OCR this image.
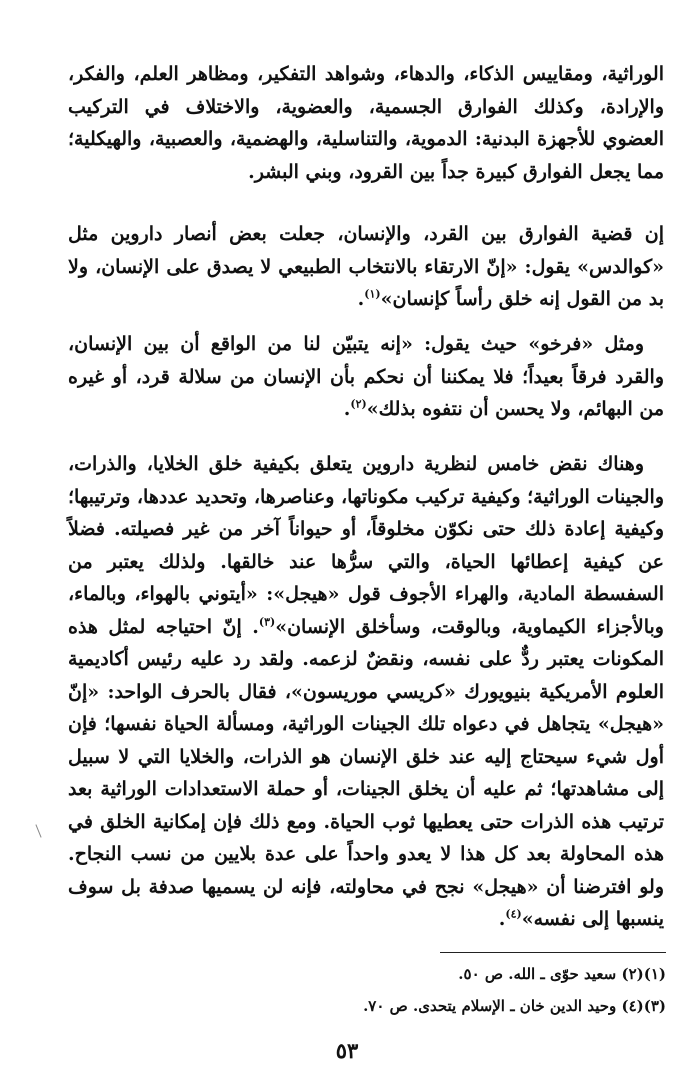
الوراثية، ومقاييس الذكاء، والدهاء، وشواهد التفكير، ومظاهر العلم، والفكر، والإرادة، وكذلك الفوارق الجسمية، والعضوية، والاختلاف في التركيب العضوي للأجهزة البدنية: الدموية، والتناسلية، والهضمية، والعصبية، والهيكلية؛ مما يجعل الفوارق كبيرة جداً بين القرود، وبني البشر.

إن قضية الفوارق بين القرد، والإنسان، جعلت بعض أنصار داروين مثل «كوالدس» يقول: «إنّ الارتقاء بالانتخاب الطبيعي لا يصدق على الإنسان، ولا بد من القول إنه خلق رأساً كإنسان»$^{(١)}$.

ومثل «فرخو» حيث يقول: «إنه يتبيّن لنا من الواقع أن بين الإنسان، والقرد فرقاً بعيداً؛ فلا يمكننا أن نحكم بأن الإنسان من سلالة قرد، أو غيره من البهائم، ولا يحسن أن نتفوه بذلك»$^{(٢)}$.

وهناك نقض خامس لنظرية داروين يتعلق بكيفية خلق الخلايا، والذرات، والجينات الوراثية؛ وكيفية تركيب مكوناتها، وعناصرها، وتحديد عددها، وترتيبها؛ وكيفية إعادة ذلك حتى نكوّن مخلوقاً، أو حيواناً آخر من غير فصيلته. فضلاً عن كيفية إعطائها الحياة، والتي سرُّها عند خالقها. ولذلك يعتبر من السفسطة المادية، والهراء الأجوف قول «هيجل»: «أيتوني بالهواء، وبالماء، وبالأجزاء الكيماوية، وبالوقت، وسأخلق الإنسان»$^{(٣)}$. إنّ احتياجه لمثل هذه المكونات يعتبر ردٌّ على نفسه، ونقضٌ لزعمه. ولقد رد عليه رئيس أكاديمية العلوم الأمريكية بنيويورك «كريسي موريسون»، فقال بالحرف الواحد: «إنّ «هيجل» يتجاهل في دعواه تلك الجينات الوراثية، ومسألة الحياة نفسها؛ فإن أول شيء سيحتاج إليه عند خلق الإنسان هو الذرات، والخلايا التي لا سبيل إلى مشاهدتها؛ ثم عليه أن يخلق الجينات، أو حملة الاستعدادات الوراثية بعد ترتيب هذه الذرات حتى يعطيها ثوب الحياة. ومع ذلك فإن إمكانية الخلق في هذه المحاولة بعد كل هذا لا يعدو واحداً على عدة بلايين من نسب النجاح. ولو افترضنا أن «هيجل» نجح في محاولته، فإنه لن يسميها صدفة بل سوف ينسبها إلى نفسه»$^{(٤)}$.

(١)(٢) سعيد حوّى ـ الله. ص ٥٠.

(٣)(٤) وحيد الدين خان ـ الإسلام يتحدى. ص ٧٠.

٥٣
